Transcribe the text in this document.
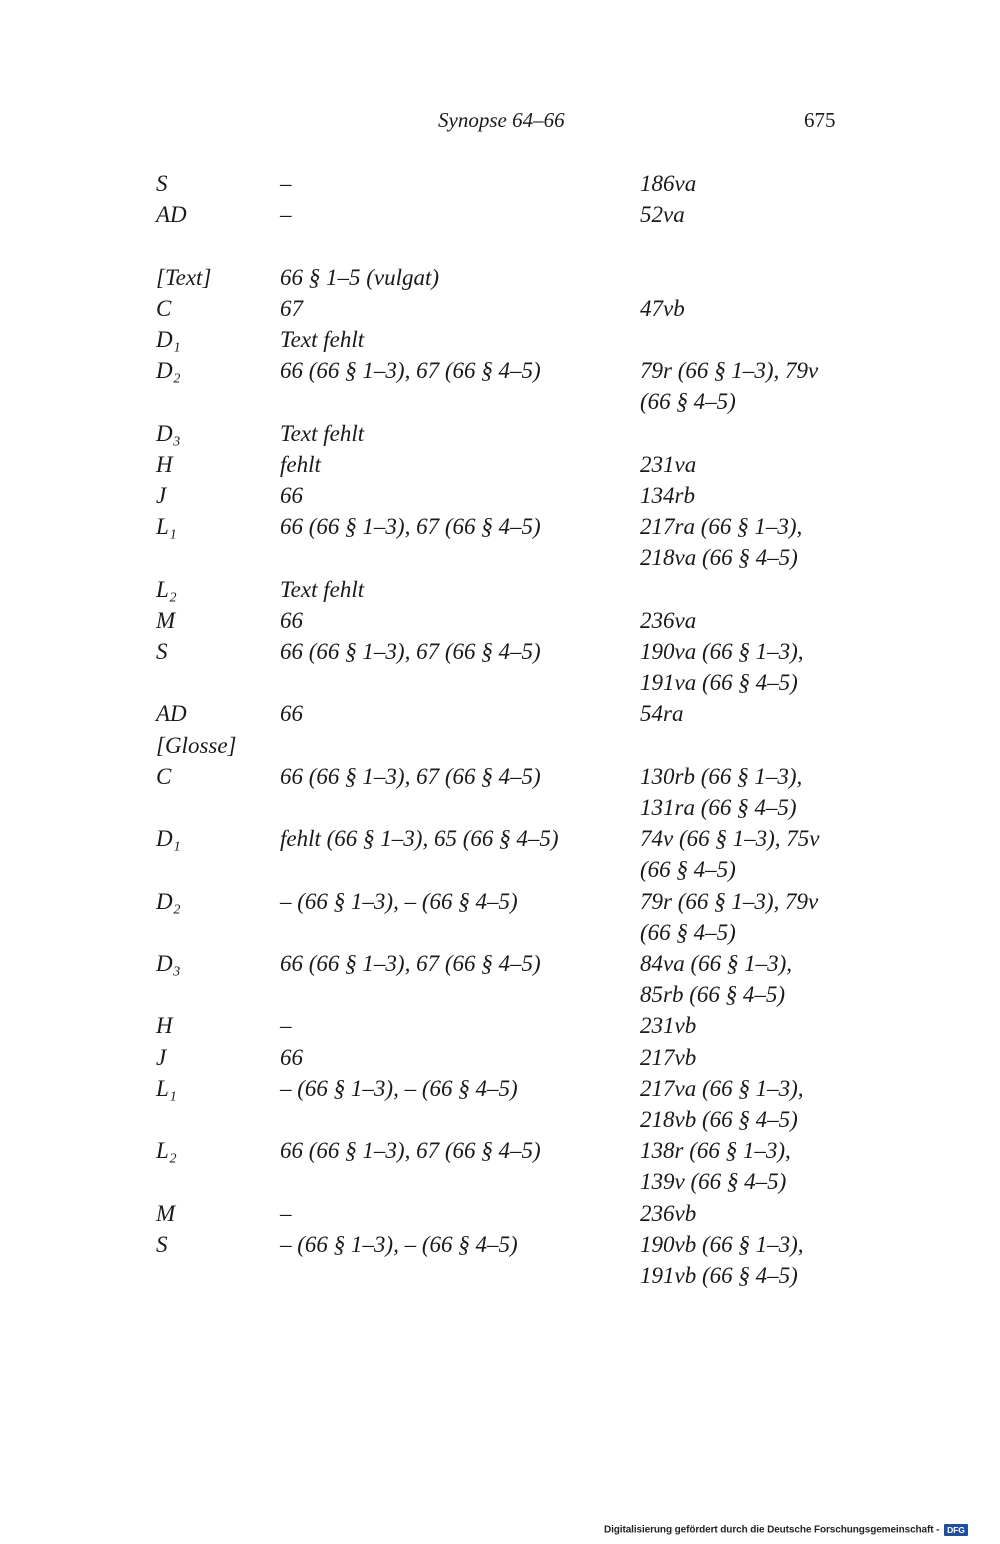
Synopse 64–66	675
S	–	186va
AD	–	52va
[Text]	66 § 1–5 (vulgat)
C	67	47vb
D₁	Text fehlt
D₂	66 (66 § 1–3), 67 (66 § 4–5)	79r (66 § 1–3), 79v (66 § 4–5)
D₃	Text fehlt
H	fehlt	231va
J	66	134rb
L₁	66 (66 § 1–3), 67 (66 § 4–5)	217ra (66 § 1–3), 218va (66 § 4–5)
L₂	Text fehlt
M	66	236va
S	66 (66 § 1–3), 67 (66 § 4–5)	190va (66 § 1–3), 191va (66 § 4–5)
AD	66	54ra
[Glosse]
C	66 (66 § 1–3), 67 (66 § 4–5)	130rb (66 § 1–3), 131ra (66 § 4–5)
D₁	fehlt (66 § 1–3), 65 (66 § 4–5)	74v (66 § 1–3), 75v (66 § 4–5)
D₂	– (66 § 1–3), – (66 § 4–5)	79r (66 § 1–3), 79v (66 § 4–5)
D₃	66 (66 § 1–3), 67 (66 § 4–5)	84va (66 § 1–3), 85rb (66 § 4–5)
H	–	231vb
J	66	217vb
L₁	– (66 § 1–3), – (66 § 4–5)	217va (66 § 1–3), 218vb (66 § 4–5)
L₂	66 (66 § 1–3), 67 (66 § 4–5)	138r (66 § 1–3), 139v (66 § 4–5)
M	–	236vb
S	– (66 § 1–3), – (66 § 4–5)	190vb (66 § 1–3), 191vb (66 § 4–5)
Digitalisierung gefördert durch die Deutsche Forschungsgemeinschaft - DFG
